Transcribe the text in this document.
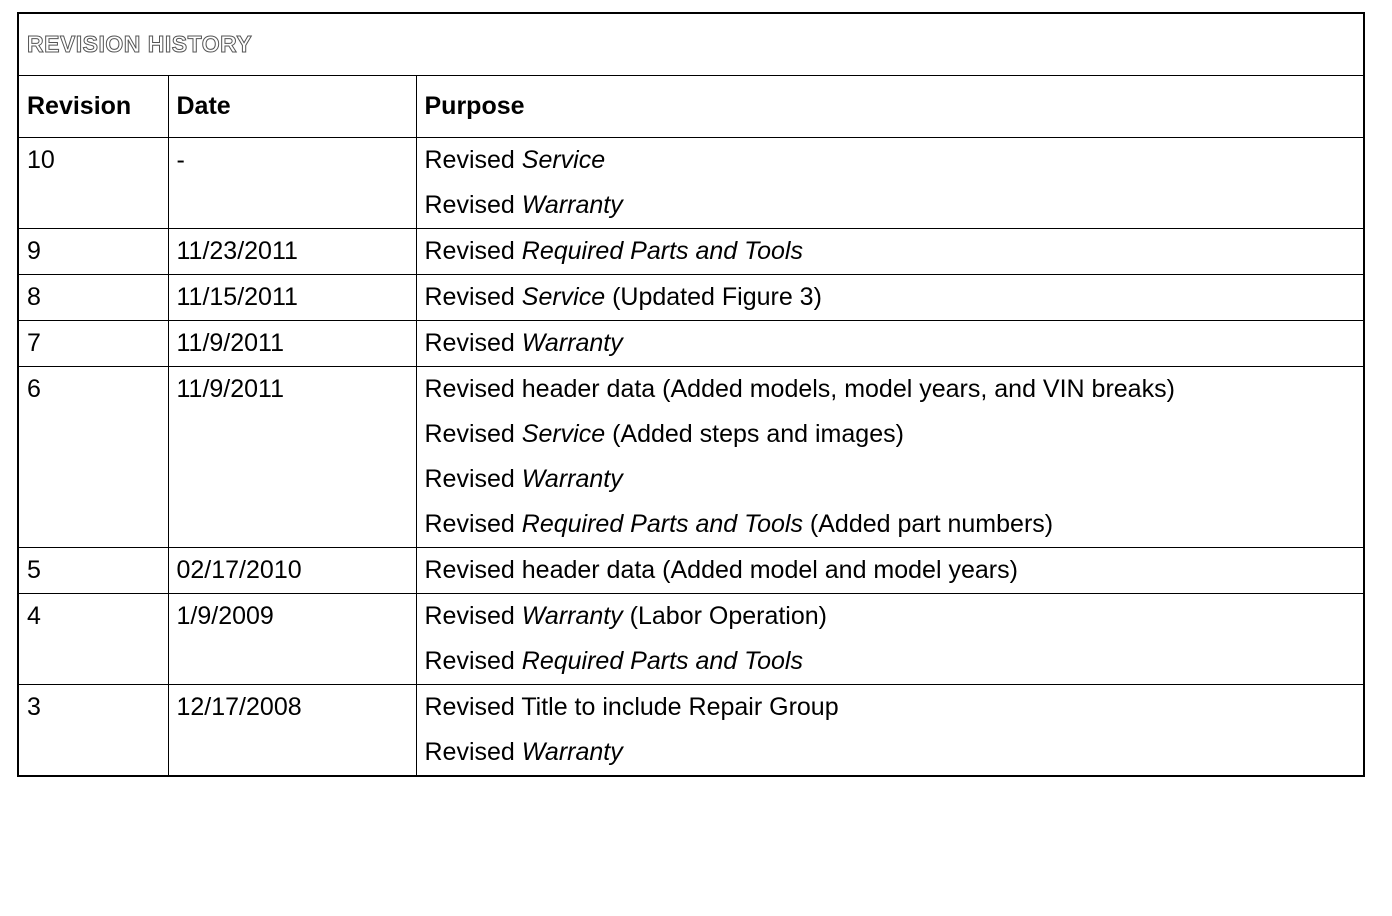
REVISION HISTORY		
Revision	Date	Purpose
10	-	Revised Service
Revised Warranty

9	11/23/2011	Revised Required Parts and Tools

8	11/15/2011	Revised Service (Updated Figure 3)

7	11/9/2011	Revised Warranty

6	11/9/2011	Revised header data (Added models, model years, and VIN breaks)
Revised Service (Added steps and images)
Revised Warranty
Revised Required Parts and Tools (Added part numbers)

5	02/17/2010	Revised header data (Added model and model years)

4	1/9/2009	Revised Warranty (Labor Operation)
Revised Required Parts and Tools

3	12/17/2008	Revised Title to include Repair Group
Revised Warranty
